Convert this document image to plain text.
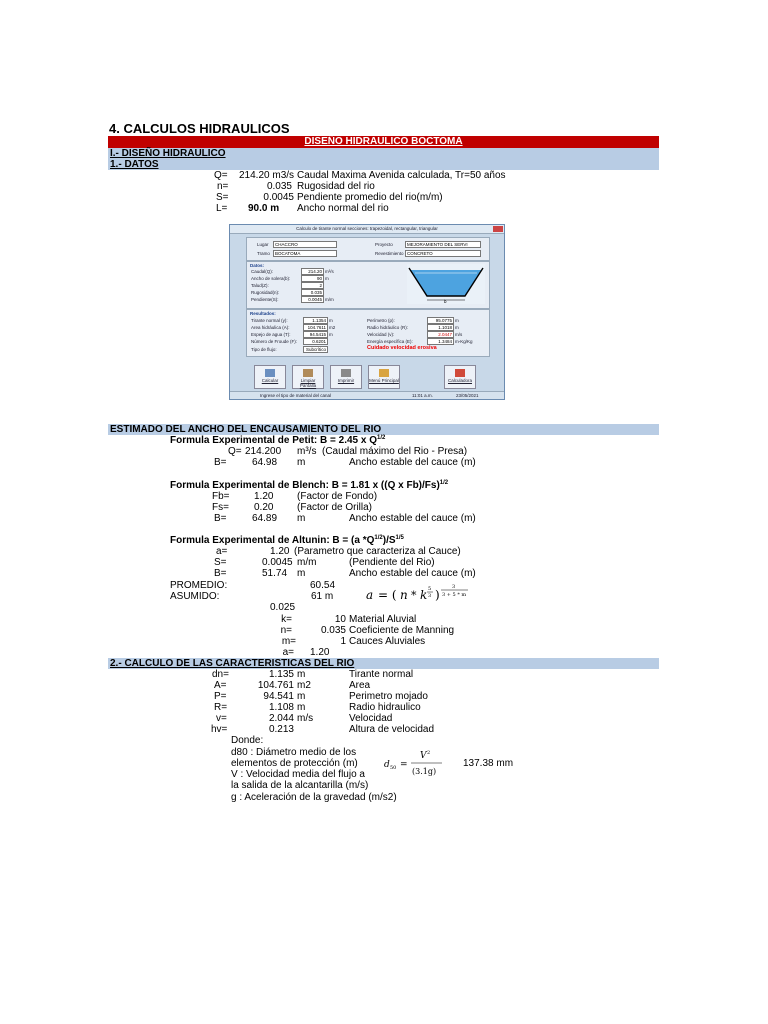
4. CALCULOS HIDRAULICOS
DISEÑO HIDRAULICO BOCTOMA
I.- DISEÑO HIDRAULICO
1.- DATOS
Q= 214.20 m3/s Caudal Maxima Avenida calculada, Tr=50 años
n=	0.035 Rugosidad del rio
S=	0.0045 Pendiente promedio del rio(m/m)
L= 90.0 m Ancho normal del rio
Calculo de tirante normal secciones: trapezoidal, rectangular, triangular
Lugar	CHACCRO
Tramo	BOCATOMA
Proyecto	MEJORAMIENTO DEL SERVI
Revestimiento CONCRETO
Datos:
Caudal(Q):	214.20 m³/s
Ancho de solera(b):	90 m
Talud(Z):	2
Rugosidad(n):	0.035
Pendiente(S):	0.0045 m/m	b
Resultados:
Tirante normal (y):	1.1354 m
Area hidráulica (A):	104.7611 m2
Espejo de agua (T):	94.5415 m
Número de Froude (F):	0.6201
Tipo de flujo:	Subcrítico
Perímetro (p):	95.0775 m
Radio hidráulico (R):	1.1018 m
Velocidad (v):	2.0447 m/s
Energía específica (E):	1.3484 m-Kg/Kg
Cuidado velocidad erosiva
Calcular	Limpiar Pantalla
Imprimir	Menú Principal	Calculadora
Ingrese el tipo de material del canal	11:01 a.m.	23/05/2021
ESTIMADO DEL ANCHO DEL ENCAUSAMIENTO DEL RIO
Formula Experimental de Petit: B = 2.45 x $Q^{1/2}$
Q= 214.200 m³/s (Caudal máximo del Rio - Presa)
B=	64.98 m	Ancho estable del cauce (m)
Formula Experimental de Blench: B = 1.81 x ((Q x Fb)/Fs)$^{1/2}$
Fb= 1.20 (Factor de Fondo)
Fs=	0.20 (Factor de Orilla)
B=	64.89 m	Ancho estable del cauce (m)
Formula Experimental de Altunin: B = (a $*Q^{1/2})/S^{1/5}$
a=	1.20 (Parametro que caracteriza al Cauce)
S=	0.0045 m/m	(Pendiente del Rio)
B=	51.74 m	Ancho estable del cauce (m)
PROMEDIO:	60.54
ASUMIDO:	61 m	a = ( n * k 5
3 )
3
3 + 5 * m
0.025
k=	10 Material Aluvial
n=	0.035 Coeficiente de Manning
m=	1 Cauces Aluviales
a= 1.20
2.- CALCULO DE LAS CARACTERISTICAS DEL RIO
dn=	1.135 m	Tirante normal
A=	104.761 m2	Area
P=	94.541 m	Perimetro mojado
R=	1.108 m	Radio hidraulico
v=	2.044 m/s	Velocidad
hv=	0.213	Altura de velocidad
Donde:
d80 : Diámetro medio de los
elementos de protección (m)
V : Velocidad media del flujo a
la salida de la alcantarilla (m/s)
g : Aceleración de la gravedad (m/s2)
d 50 =
V 2
(3.1g)
137.38 mm
